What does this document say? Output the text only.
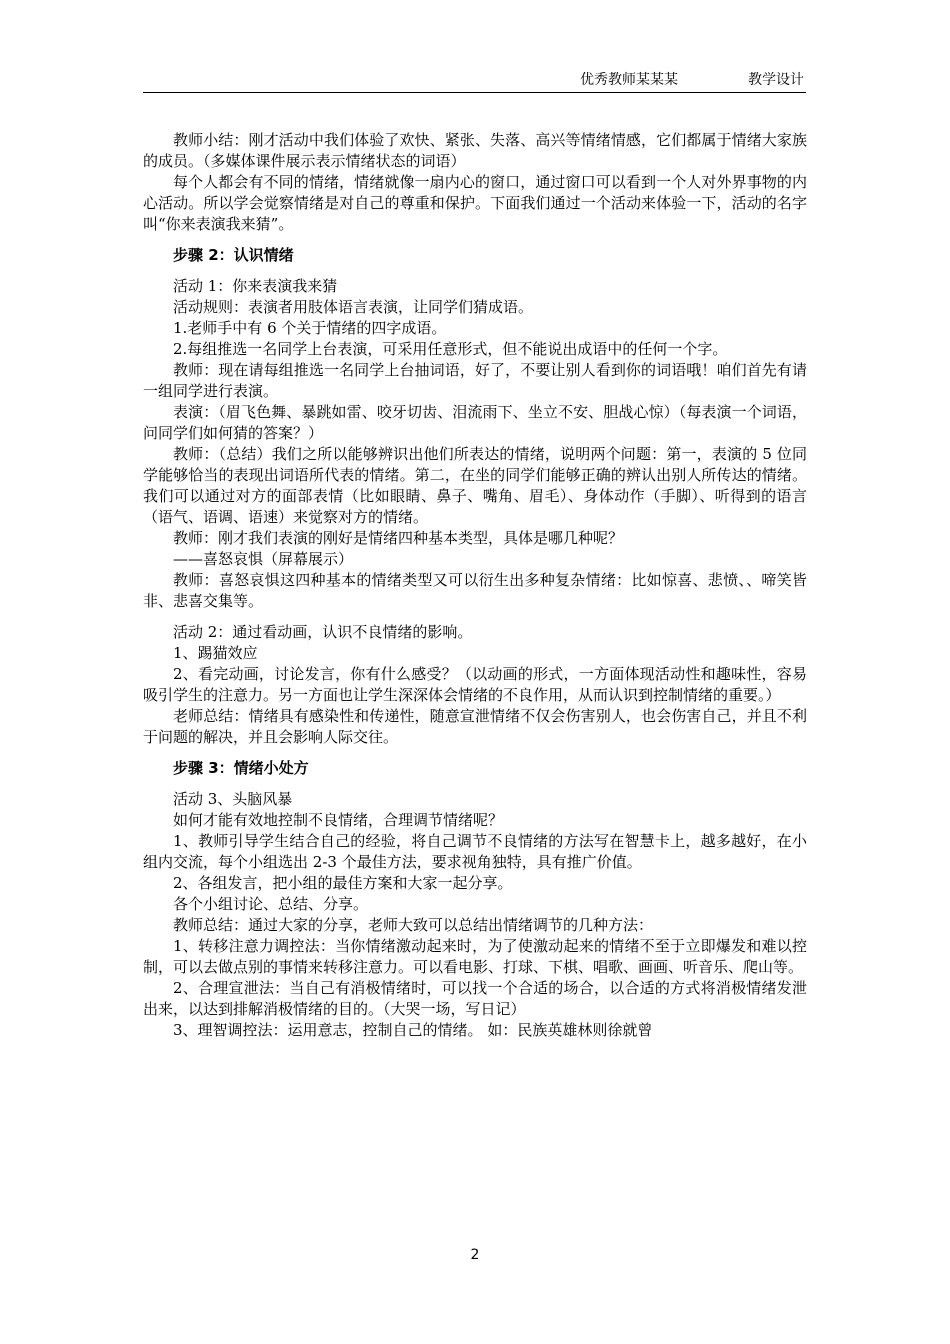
优秀教师某某某	教学设计

教师小结：刚才活动中我们体验了欢快、紧张、失落、高兴等情绪情感，它们都属于情绪大家族的成员。（多媒体课件展示表示情绪状态的词语）

每个人都会有不同的情绪，情绪就像一扇内心的窗口，通过窗口可以看到一个人对外界事物的内心活动。所以学会觉察情绪是对自己的尊重和保护。下面我们通过一个活动来体验一下，活动的名字叫“你来表演我来猜”。

步骤 2：认识情绪

活动 1：你来表演我来猜

活动规则：表演者用肢体语言表演，让同学们猜成语。

1.老师手中有 6 个关于情绪的四字成语。

2.每组推选一名同学上台表演，可采用任意形式，但不能说出成语中的任何一个字。

教师：现在请每组推选一名同学上台抽词语，好了，不要让别人看到你的词语哦！咱们首先有请一组同学进行表演。

表演：（眉飞色舞、暴跳如雷、咬牙切齿、泪流雨下、坐立不安、胆战心惊）（每表演一个词语，问同学们如何猜的答案？）

教师：（总结）我们之所以能够辨识出他们所表达的情绪，说明两个问题：第一，表演的 5 位同学能够恰当的表现出词语所代表的情绪。第二，在坐的同学们能够正确的辨认出别人所传达的情绪。我们可以通过对方的面部表情（比如眼睛、鼻子、嘴角、眉毛）、身体动作（手脚）、听得到的语言（语气、语调、语速）来觉察对方的情绪。

教师：刚才我们表演的刚好是情绪四种基本类型，具体是哪几种呢？

——喜怒哀惧（屏幕展示）

教师：喜怒哀惧这四种基本的情绪类型又可以衍生出多种复杂情绪：比如惊喜、悲愤、、啼笑皆非、悲喜交集等。

活动 2：通过看动画，认识不良情绪的影响。

1、踢猫效应

2、看完动画，讨论发言，你有什么感受？（以动画的形式，一方面体现活动性和趣味性，容易吸引学生的注意力。另一方面也让学生深深体会情绪的不良作用，从而认识到控制情绪的重要。）

老师总结：情绪具有感染性和传递性，随意宣泄情绪不仅会伤害别人，也会伤害自己，并且不利于问题的解决，并且会影响人际交往。

步骤 3：情绪小处方

活动 3、头脑风暴

如何才能有效地控制不良情绪，合理调节情绪呢？

1、教师引导学生结合自己的经验，将自己调节不良情绪的方法写在智慧卡上，越多越好，在小组内交流，每个小组选出 2-3 个最佳方法，要求视角独特，具有推广价值。

2、各组发言，把小组的最佳方案和大家一起分享。

各个小组讨论、总结、分享。

教师总结：通过大家的分享，老师大致可以总结出情绪调节的几种方法：

1、转移注意力调控法：当你情绪激动起来时，为了使激动起来的情绪不至于立即爆发和难以控制，可以去做点别的事情来转移注意力。可以看电影、打球、下棋、唱歌、画画、听音乐、爬山等。

2、合理宣泄法：当自己有消极情绪时，可以找一个合适的场合，以合适的方式将消极情绪发泄出来，以达到排解消极情绪的目的。（大哭一场，写日记）

3、理智调控法：运用意志，控制自己的情绪。 如：民族英雄林则徐就曾

2
